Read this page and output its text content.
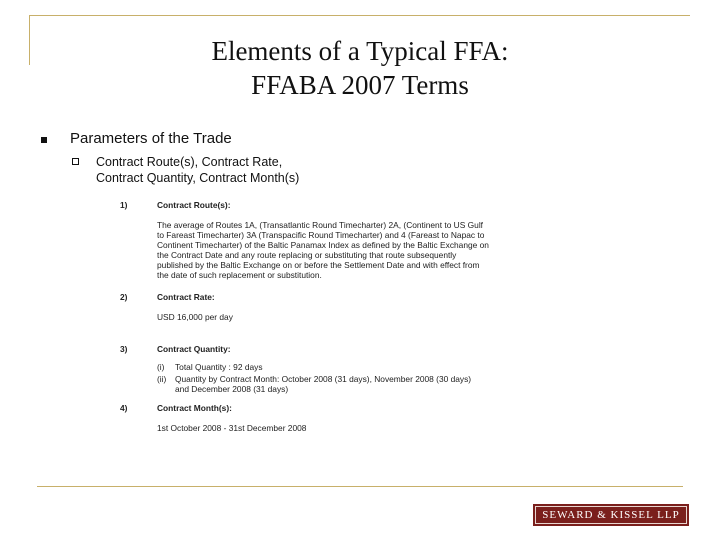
Elements of a Typical FFA:
FFABA 2007 Terms
Parameters of the Trade
Contract Route(s), Contract Rate,
Contract Quantity, Contract Month(s)
1)	Contract Route(s):
The average of Routes 1A, (Transatlantic Round Timecharter) 2A, (Continent to US Gulf
to Fareast Timecharter) 3A (Transpacific Round Timecharter) and 4 (Fareast to Napac to
Continent Timecharter) of the Baltic Panamax Index as defined by the Baltic Exchange on
the Contract Date and any route replacing or substituting that route subsequently
published by the Baltic Exchange on or before the Settlement Date and with effect from
the date of such replacement or substitution.
2)	Contract Rate:
USD 16,000 per day
3)	Contract Quantity:
(i) Total Quantity : 92 days
(ii) Quantity by Contract Month: October 2008 (31 days), November 2008 (30 days)
and December 2008 (31 days)
4)	Contract Month(s):
1st October 2008 - 31st December 2008
SEWARD & KISSEL LLP
